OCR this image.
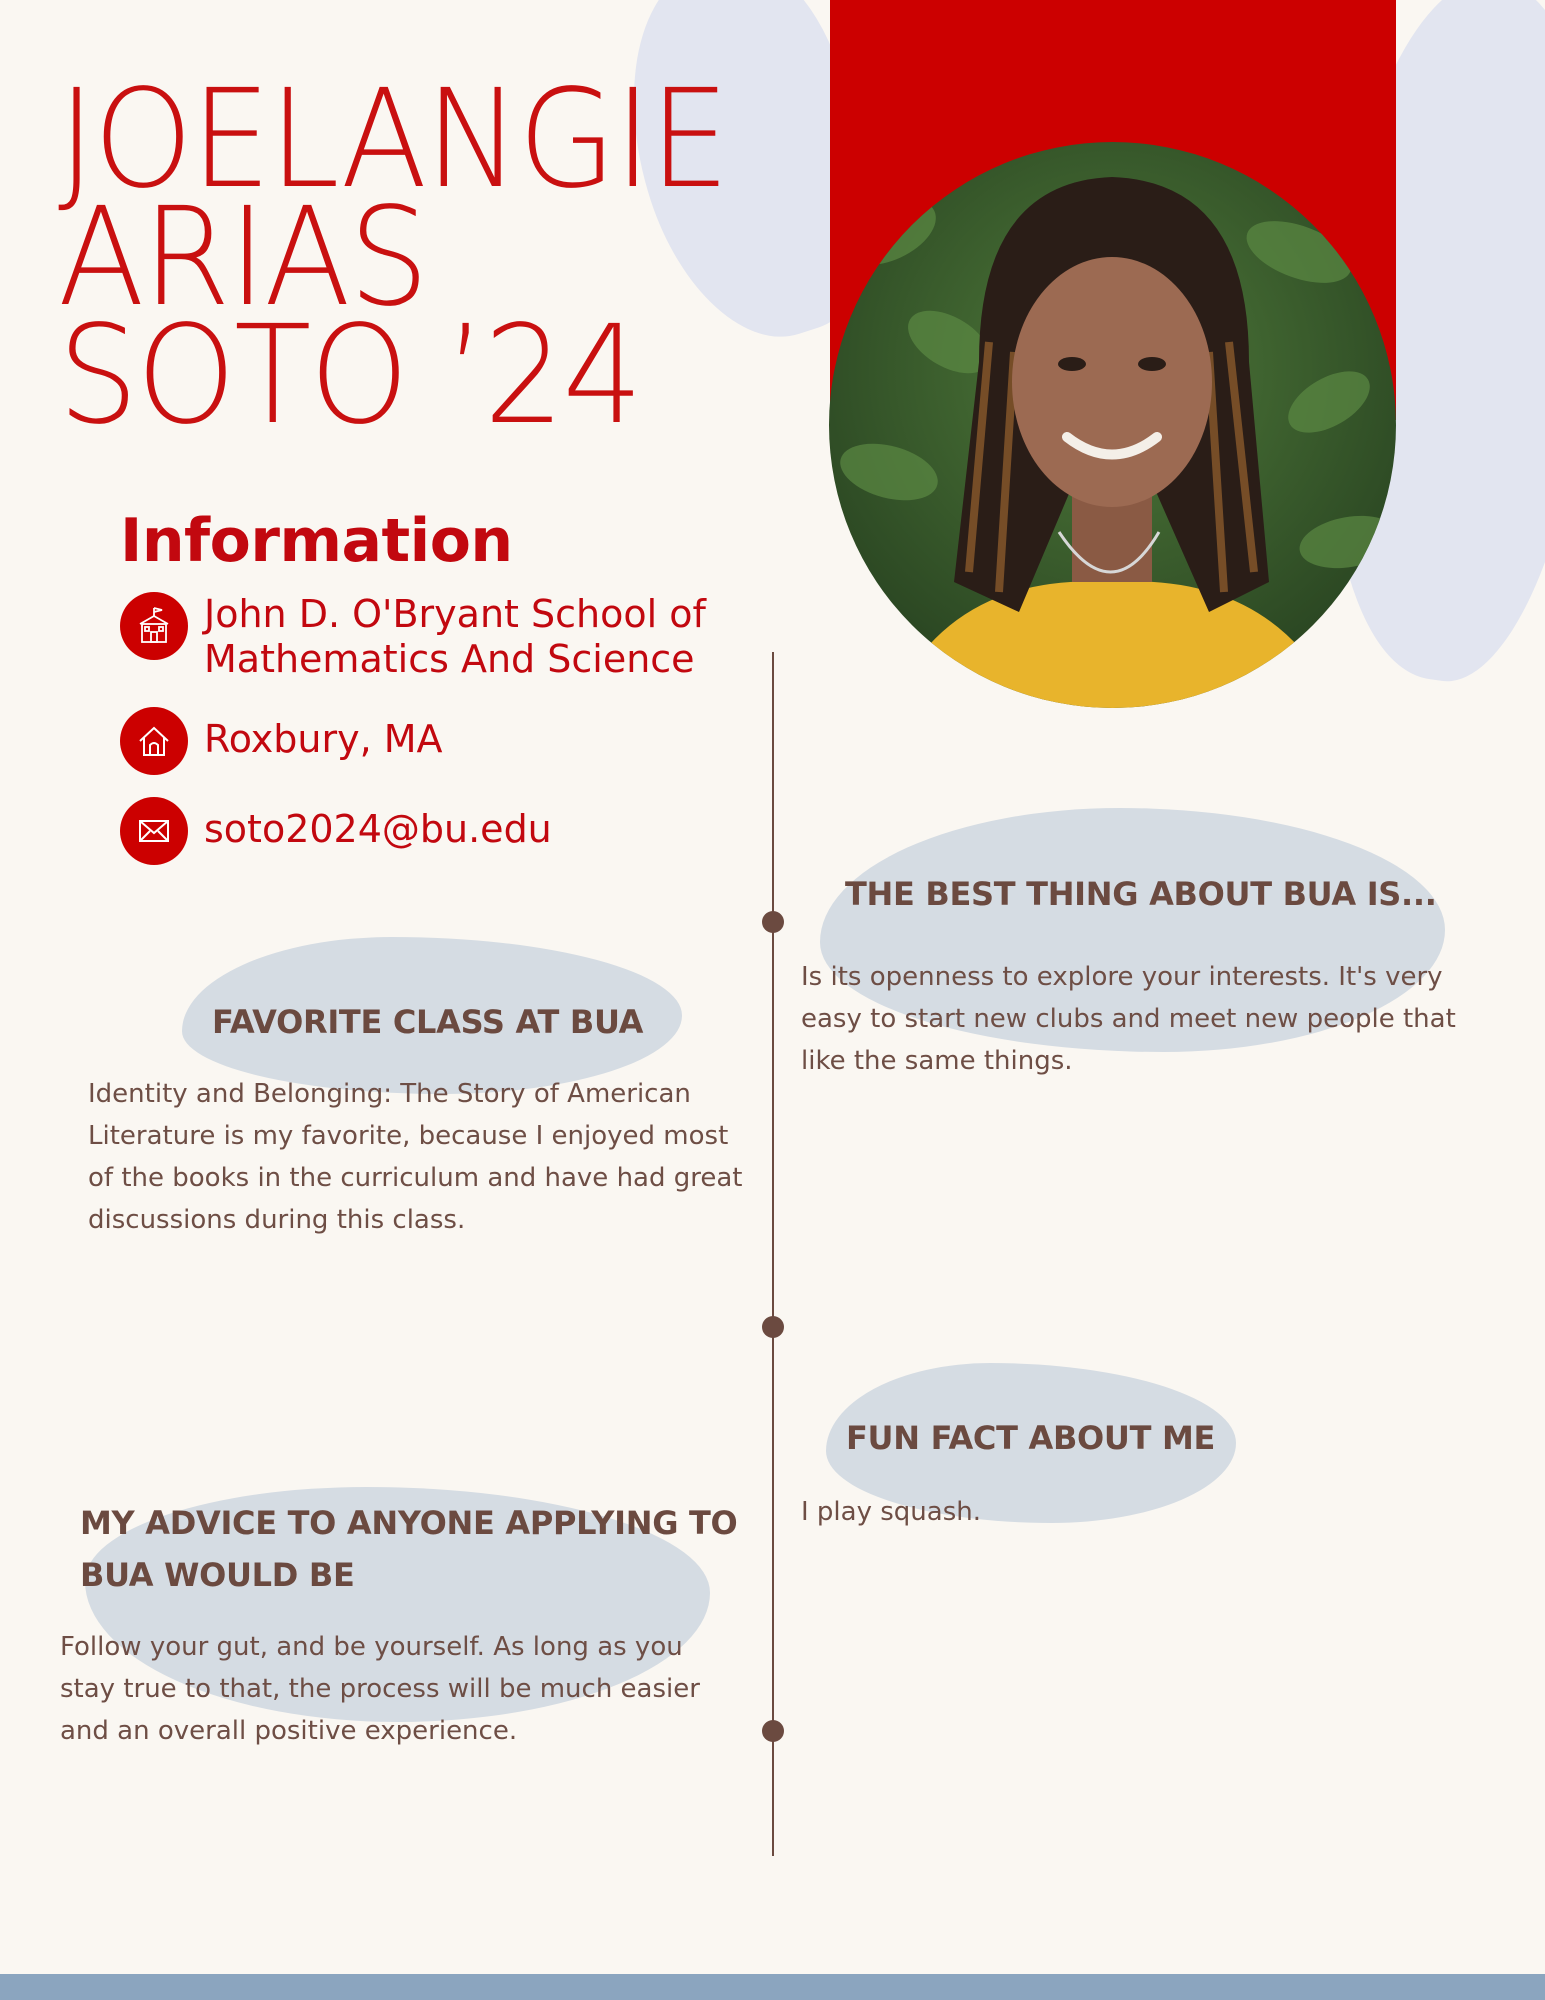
JOELANGIE
ARIAS
SOTO ’24
Information
John D. O'Bryant School of
Mathematics And Science
Roxbury, MA
soto2024@bu.edu
THE BEST THING ABOUT BUA IS...
Is its openness to explore your interests. It's very easy to start new clubs and meet new people that like the same things.
FAVORITE CLASS AT BUA
Identity and Belonging: The Story of American Literature is my favorite, because I enjoyed most of the books in the curriculum and have had great discussions during this class.
FUN FACT ABOUT ME
I play squash.
MY ADVICE TO ANYONE APPLYING TO BUA WOULD BE
Follow your gut, and be yourself. As long as you stay true to that, the process will be much easier and an overall positive experience.
